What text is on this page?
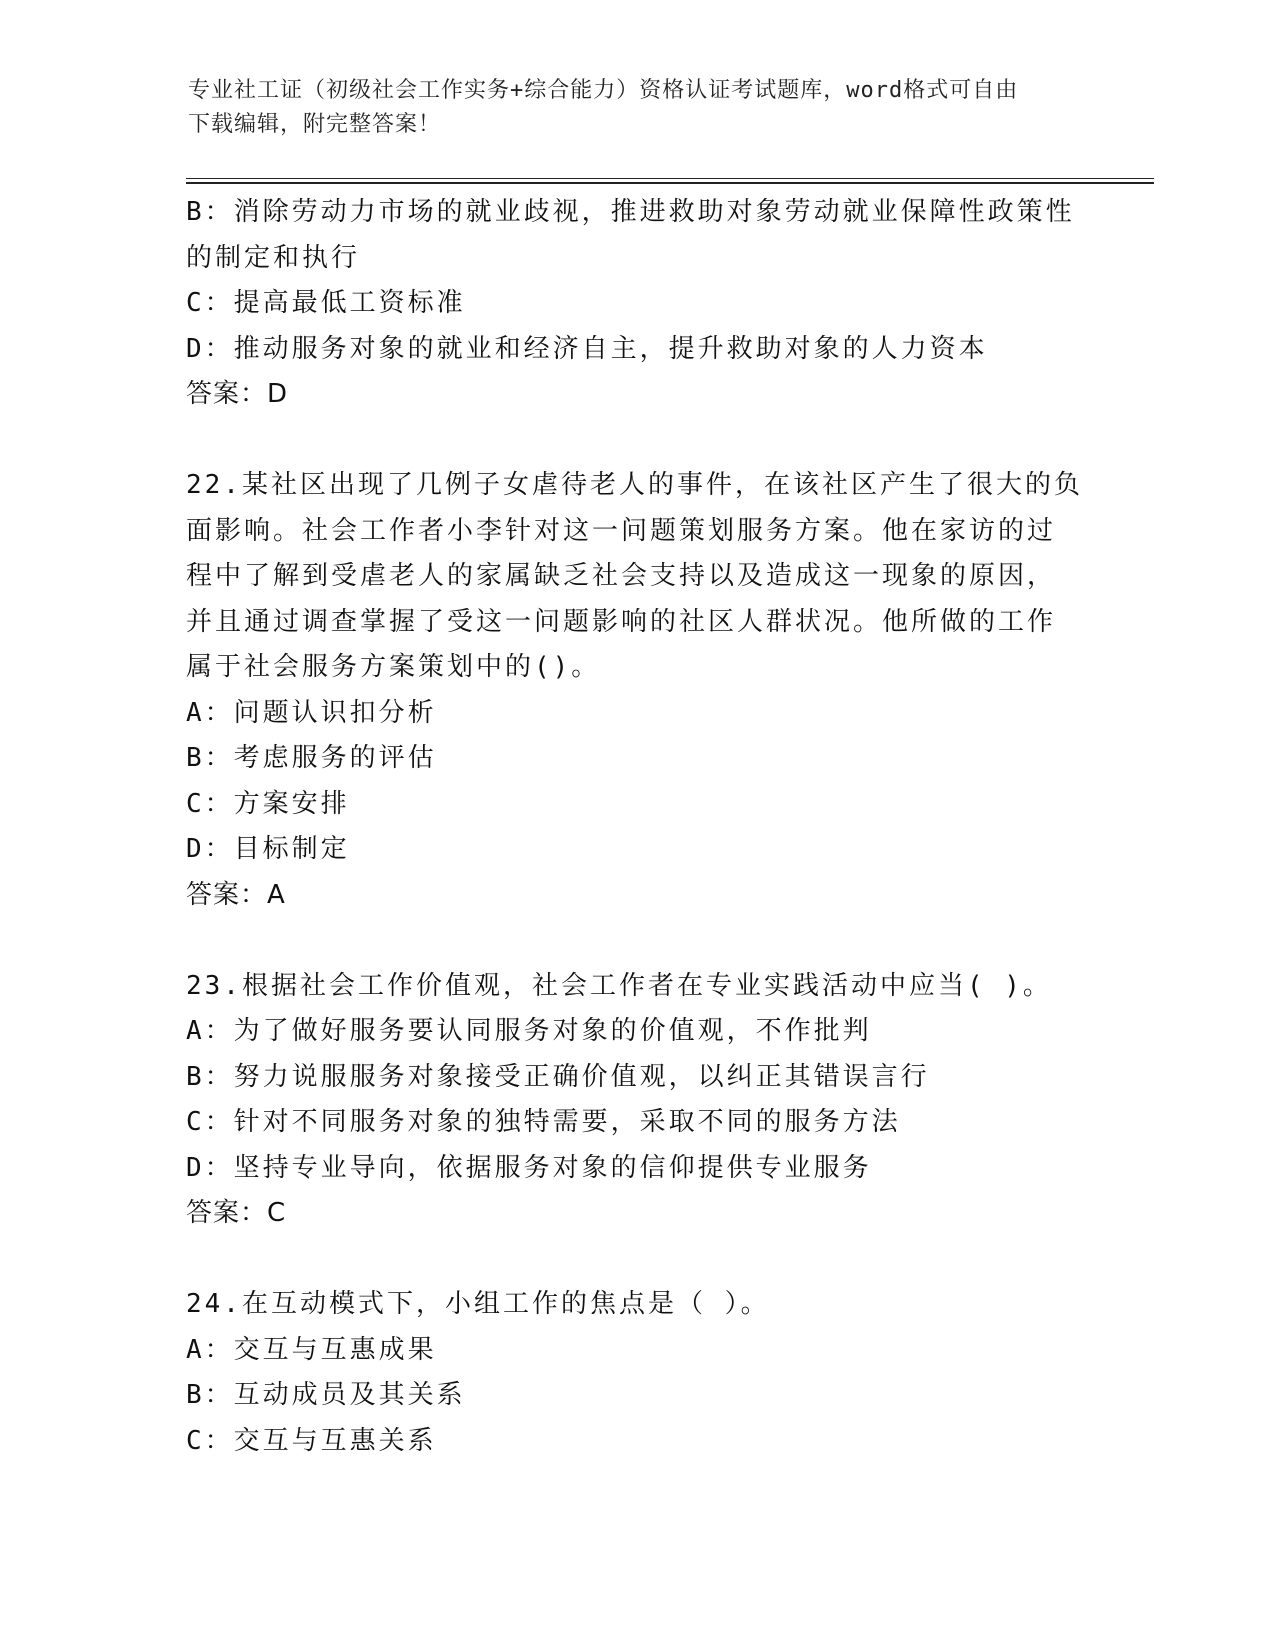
专业社工证（初级社会工作实务+综合能力）资格认证考试题库，word格式可自由
下载编辑，附完整答案！
B：消除劳动力市场的就业歧视，推进救助对象劳动就业保障性政策性
的制定和执行
C：提高最低工资标准
D：推动服务对象的就业和经济自主，提升救助对象的人力资本
答案：D
22.某社区出现了几例子女虐待老人的事件，在该社区产生了很大的负
面影响。社会工作者小李针对这一问题策划服务方案。他在家访的过
程中了解到受虐老人的家属缺乏社会支持以及造成这一现象的原因，
并且通过调查掌握了受这一问题影响的社区人群状况。他所做的工作
属于社会服务方案策划中的()。
A：问题认识扣分析
B：考虑服务的评估
C：方案安排
D：目标制定
答案：A
23.根据社会工作价值观，社会工作者在专业实践活动中应当( )。
A：为了做好服务要认同服务对象的价值观，不作批判
B：努力说服服务对象接受正确价值观，以纠正其错误言行
C：针对不同服务对象的独特需要，采取不同的服务方法
D：坚持专业导向，依据服务对象的信仰提供专业服务
答案：C
24.在互动模式下，小组工作的焦点是（ ）。
A：交互与互惠成果
B：互动成员及其关系
C：交互与互惠关系
